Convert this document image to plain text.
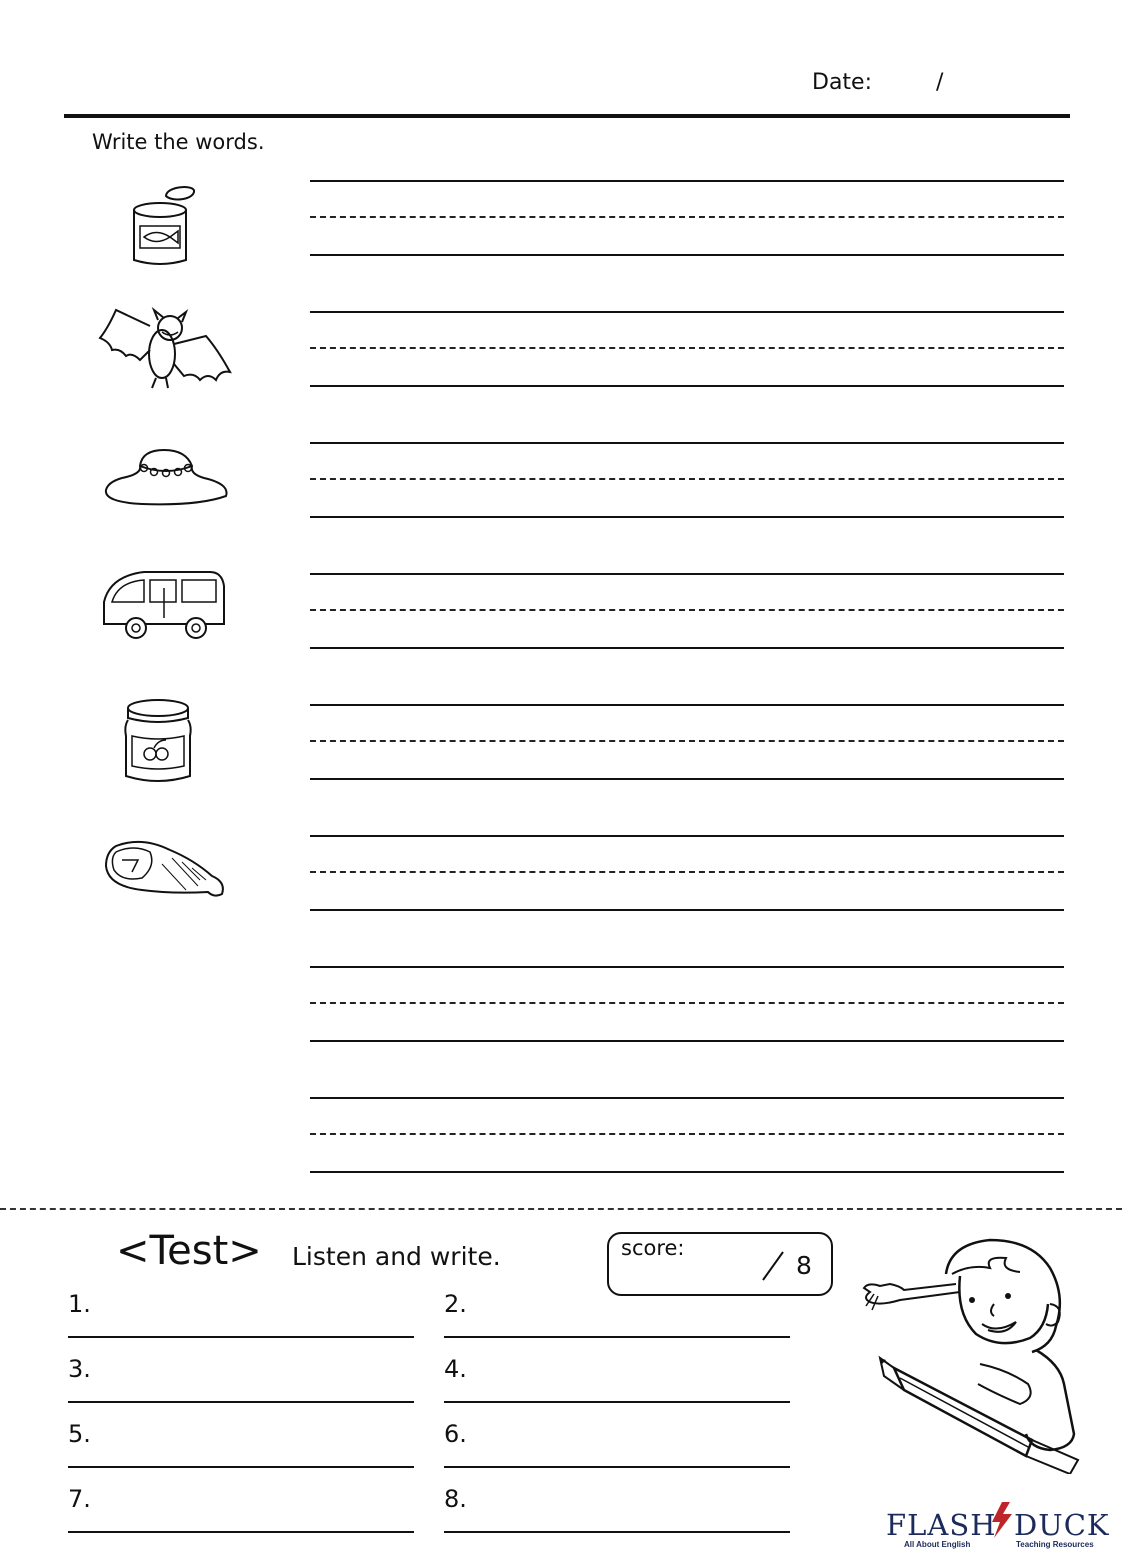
Date:	/
Write the words.
<Test> Listen and write.	score:
8
1.	2.
3.	4.
5.	6.
7.	8.
FLASH DUCK
All About English	Teaching Resources
